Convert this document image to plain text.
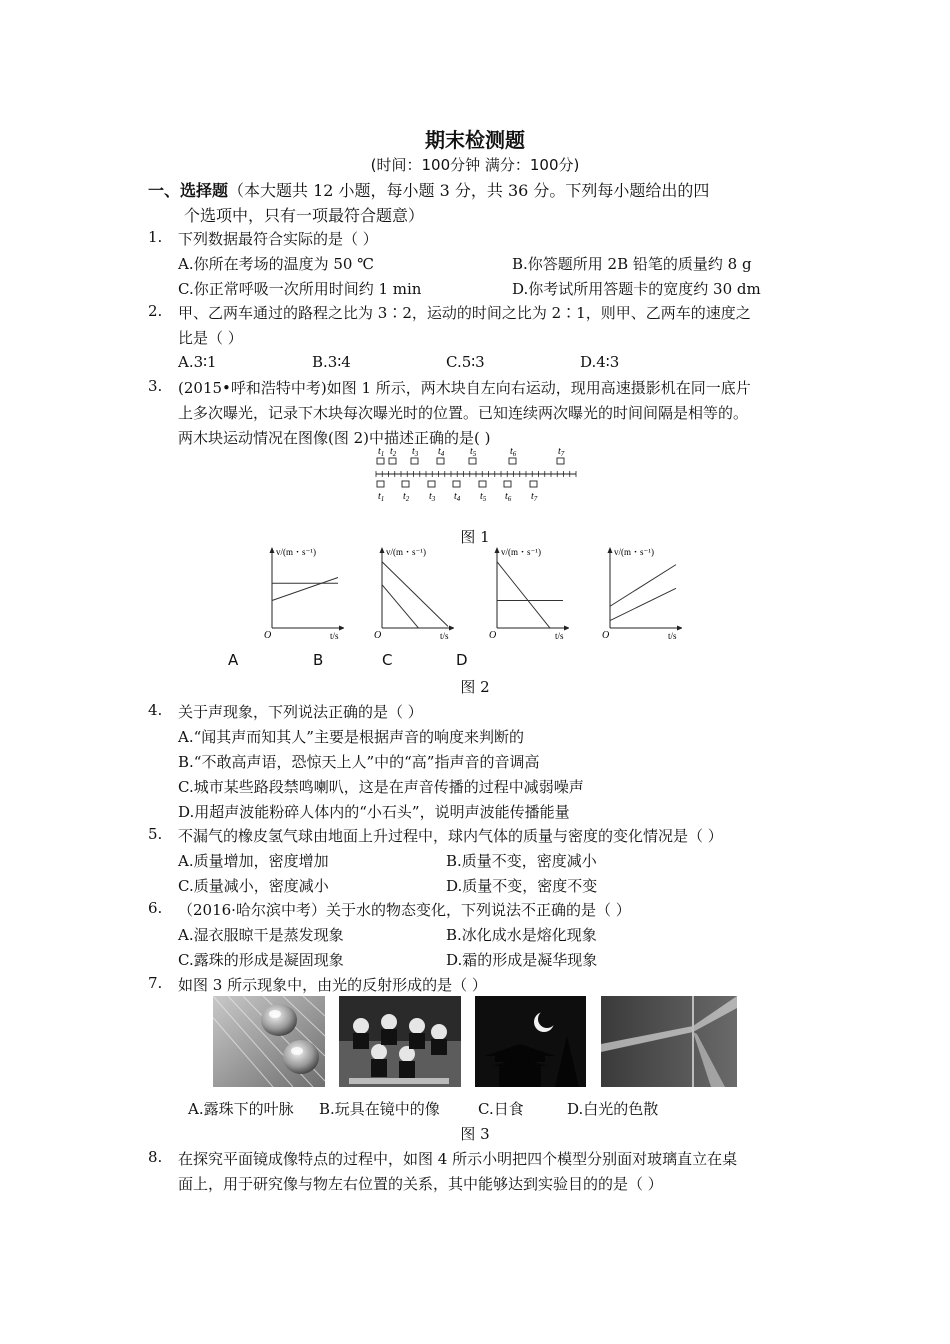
期末检测题
(时间：100分钟 满分：100分)
一、选择题（本大题共 12 小题，每小题 3 分，共 36 分。下列每小题给出的四
个选项中，只有一项最符合题意）
1. 下列数据最符合实际的是（ ）
A.你所在考场的温度为 50 ℃	B.你答题所用 2B 铅笔的质量约 8 g
C.你正常呼吸一次所用时间约 1 min	D.你考试所用答题卡的宽度约 30 dm
2. 甲、乙两车通过的路程之比为 3∶2，运动的时间之比为 2∶1，则甲、乙两车的速度之
比是（ ）
A.3∶1	B.3∶4	C.5∶3	D.4∶3
3. (2015•呼和浩特中考)如图 1 所示，两木块自左向右运动，现用高速摄影机在同一底片
上多次曝光，记录下木块每次曝光时的位置。已知连续两次曝光的时间间隔是相等的。
两木块运动情况在图像(图 2)中描述正确的是( )
$t_1$ $t_2$ $t_3$ $t_4$	$t_5$	$t_6$	$t_7$
$t_1$ $t_2$ $t_3$ $t_4$ $t_5$ $t_6$ $t_7$
图 1
v/(m・s⁻¹)
O	t/s
v/(m・s⁻¹)
O	t/s
v/(m・s⁻¹)
O	t/s
v/(m・s⁻¹)
O	t/s
A	B	C	D
图 2
4. 关于声现象，下列说法正确的是（ ）
A.“闻其声而知其人”主要是根据声音的响度来判断的
B.“不敢高声语，恐惊天上人”中的“高”指声音的音调高
C.城市某些路段禁鸣喇叭，这是在声音传播的过程中减弱噪声
D.用超声波能粉碎人体内的“小石头”，说明声波能传播能量
5. 不漏气的橡皮氢气球由地面上升过程中，球内气体的质量与密度的变化情况是（ ）
A.质量增加，密度增加	B.质量不变，密度减小
C.质量减小，密度减小	D.质量不变，密度不变
6. （2016·哈尔滨中考）关于水的物态变化，下列说法不正确的是（ ）
A.湿衣服晾干是蒸发现象	B.冰化成水是熔化现象
C.露珠的形成是凝固现象	D.霜的形成是凝华现象
7. 如图 3 所示现象中，由光的反射形成的是（ ）
A.露珠下的叶脉 B.玩具在镜中的像	C.日食	D.白光的色散
图 3
8. 在探究平面镜成像特点的过程中，如图 4 所示小明把四个模型分别面对玻璃直立在桌
面上，用于研究像与物左右位置的关系，其中能够达到实验目的的是（ ）
